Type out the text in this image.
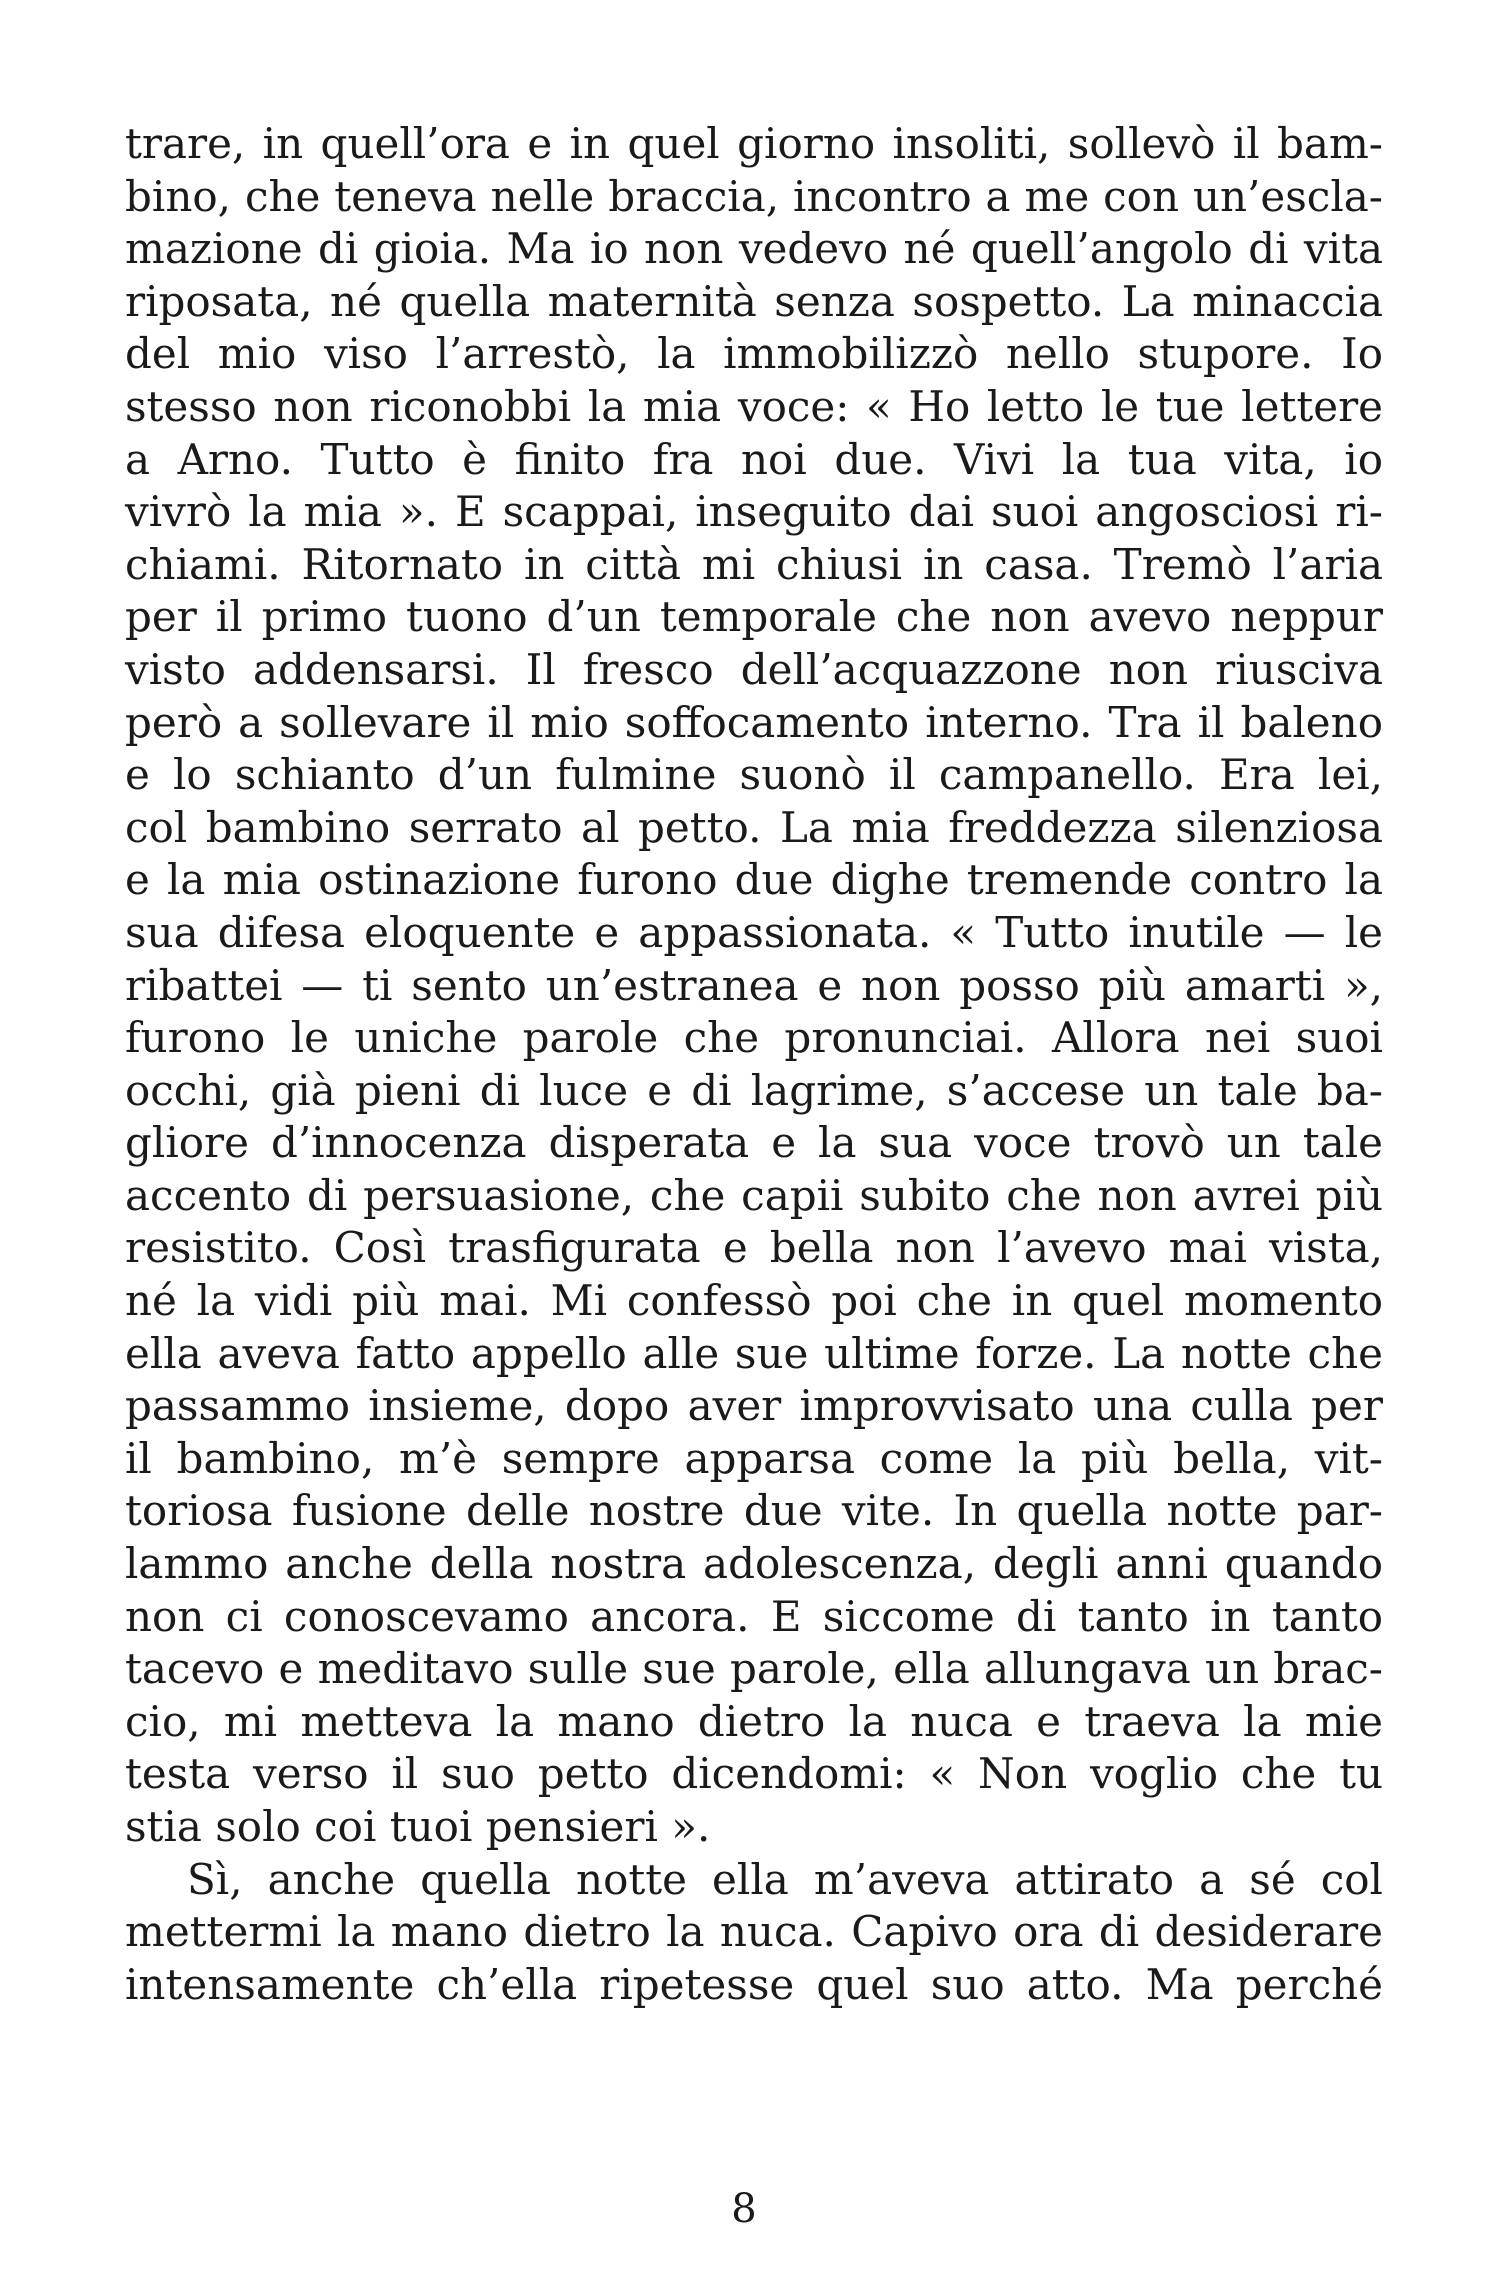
trare, in quell’ora e in quel giorno insoliti, sollevò il bam-
bino, che teneva nelle braccia, incontro a me con un’escla-
mazione di gioia. Ma io non vedevo né quell’angolo di vita
riposata, né quella maternità senza sospetto. La minaccia
del mio viso l’arrestò, la immobilizzò nello stupore. Io
stesso non riconobbi la mia voce: « Ho letto le tue lettere
a Arno. Tutto è finito fra noi due. Vivi la tua vita, io
vivrò la mia ». E scappai, inseguito dai suoi angosciosi ri-
chiami. Ritornato in città mi chiusi in casa. Tremò l’aria
per il primo tuono d’un temporale che non avevo neppur
visto addensarsi. Il fresco dell’acquazzone non riusciva
però a sollevare il mio soffocamento interno. Tra il baleno
e lo schianto d’un fulmine suonò il campanello. Era lei,
col bambino serrato al petto. La mia freddezza silenziosa
e la mia ostinazione furono due dighe tremende contro la
sua difesa eloquente e appassionata. « Tutto inutile — le
ribattei — ti sento un’estranea e non posso più amarti »,
furono le uniche parole che pronunciai. Allora nei suoi
occhi, già pieni di luce e di lagrime, s’accese un tale ba-
gliore d’innocenza disperata e la sua voce trovò un tale
accento di persuasione, che capii subito che non avrei più
resistito. Così trasfigurata e bella non l’avevo mai vista,
né la vidi più mai. Mi confessò poi che in quel momento
ella aveva fatto appello alle sue ultime forze. La notte che
passammo insieme, dopo aver improvvisato una culla per
il bambino, m’è sempre apparsa come la più bella, vit-
toriosa fusione delle nostre due vite. In quella notte par-
lammo anche della nostra adolescenza, degli anni quando
non ci conoscevamo ancora. E siccome di tanto in tanto
tacevo e meditavo sulle sue parole, ella allungava un brac-
cio, mi metteva la mano dietro la nuca e traeva la mie
testa verso il suo petto dicendomi: « Non voglio che tu
stia solo coi tuoi pensieri ».
Sì, anche quella notte ella m’aveva attirato a sé col
mettermi la mano dietro la nuca. Capivo ora di desiderare
intensamente ch’ella ripetesse quel suo atto. Ma perché
8
